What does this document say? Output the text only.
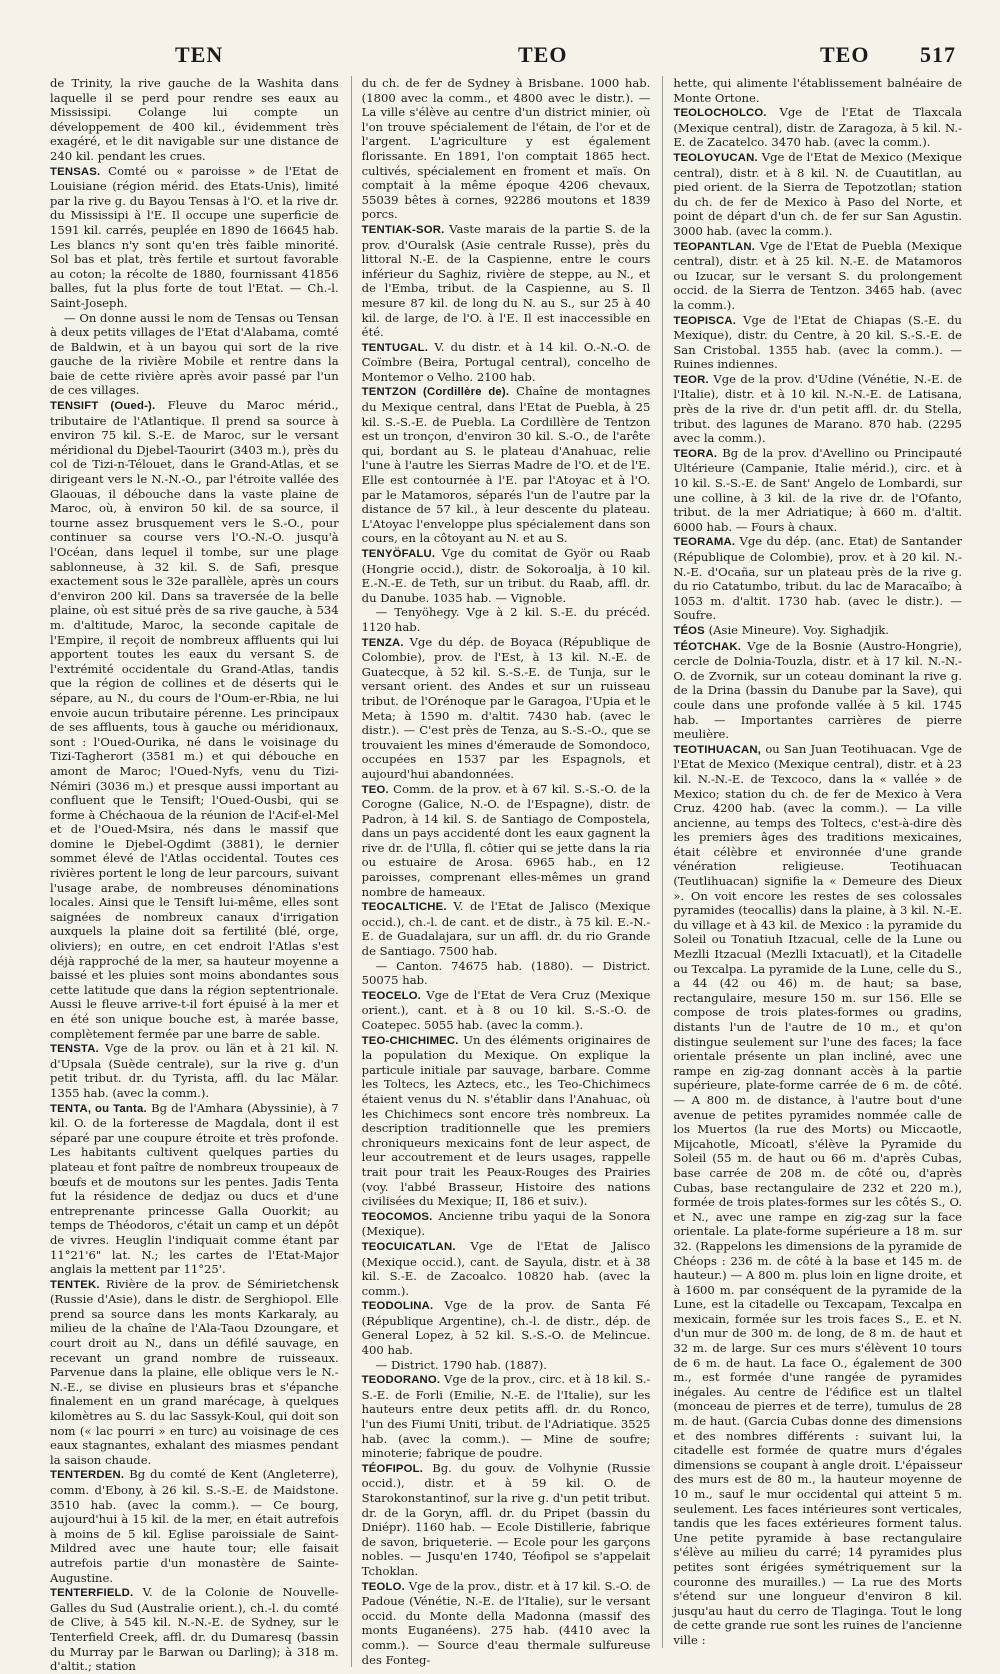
TEN	TEO	TEO 517

de Trinity, la rive gauche de la Washita dans laquelle il se perd pour rendre ses eaux au Mississipi. Colange lui compte un développement de 400 kil., évidemment très exagéré, et le dit navigable sur une distance de 240 kil. pendant les crues.

TENSAS. Comté ou « paroisse » de l'Etat de Louisiane (région mérid. des Etats-Unis), limité par la rive g. du Bayou Tensas à l'O. et la rive dr. du Mississipi à l'E. Il occupe une superficie de 1591 kil. carrés, peuplée en 1890 de 16645 hab. Les blancs n'y sont qu'en très faible minorité. Sol bas et plat, très fertile et surtout favorable au coton; la récolte de 1880, fournissant 41856 balles, fut la plus forte de tout l'Etat. — Ch.-l. Saint-Joseph.

— On donne aussi le nom de Tensas ou Tensan à deux petits villages de l'Etat d'Alabama, comté de Baldwin, et à un bayou qui sort de la rive gauche de la rivière Mobile et rentre dans la baie de cette rivière après avoir passé par l'un de ces villages.

TENSIFT (Oued-). Fleuve du Maroc mérid., tributaire de l'Atlantique. Il prend sa source à environ 75 kil. S.-E. de Maroc, sur le versant méridional du Djebel-Taourirt (3403 m.), près du col de Tizi-n-Télouet, dans le Grand-Atlas, et se dirigeant vers le N.-N.-O., par l'étroite vallée des Glaouas, il débouche dans la vaste plaine de Maroc, où, à environ 50 kil. de sa source, il tourne assez brusquement vers le S.-O., pour continuer sa course vers l'O.-N.-O. jusqu'à l'Océan, dans lequel il tombe, sur une plage sablonneuse, à 32 kil. S. de Safi, presque exactement sous le 32e parallèle, après un cours d'environ 200 kil. Dans sa traversée de la belle plaine, où est situé près de sa rive gauche, à 534 m. d'altitude, Maroc, la seconde capitale de l'Empire, il reçoit de nombreux affluents qui lui apportent toutes les eaux du versant S. de l'extrémité occidentale du Grand-Atlas, tandis que la région de collines et de déserts qui le sépare, au N., du cours de l'Oum-er-Rbia, ne lui envoie aucun tributaire pérenne. Les principaux de ses affluents, tous à gauche ou méridionaux, sont : l'Oued-Ourika, né dans le voisinage du Tizi-Tagherort (3581 m.) et qui débouche en amont de Maroc; l'Oued-Nyfs, venu du Tizi-Némiri (3036 m.) et presque aussi important au confluent que le Tensift; l'Oued-Ousbi, qui se forme à Chéchaoua de la réunion de l'Acif-el-Mel et de l'Oued-Msira, nés dans le massif que domine le Djebel-Ogdimt (3881), le dernier sommet élevé de l'Atlas occidental. Toutes ces rivières portent le long de leur parcours, suivant l'usage arabe, de nombreuses dénominations locales. Ainsi que le Tensift lui-même, elles sont saignées de nombreux canaux d'irrigation auxquels la plaine doit sa fertilité (blé, orge, oliviers); en outre, en cet endroit l'Atlas s'est déjà rapproché de la mer, sa hauteur moyenne a baissé et les pluies sont moins abondantes sous cette latitude que dans la région septentrionale. Aussi le fleuve arrive-t-il fort épuisé à la mer et en été son unique bouche est, à marée basse, complètement fermée par une barre de sable.

TENSTA. Vge de la prov. ou län et à 21 kil. N. d'Upsala (Suède centrale), sur la rive g. d'un petit tribut. dr. du Tyrista, affl. du lac Mälar. 1355 hab. (avec la comm.).

TENTA, ou Tanta. Bg de l'Amhara (Abyssinie), à 7 kil. O. de la forteresse de Magdala, dont il est séparé par une coupure étroite et très profonde. Les habitants cultivent quelques parties du plateau et font paître de nombreux troupeaux de bœufs et de moutons sur les pentes. Jadis Tenta fut la résidence de dedjaz ou ducs et d'une entreprenante princesse Galla Ouorkit; au temps de Théodoros, c'était un camp et un dépôt de vivres. Heuglin l'indiquait comme étant par 11°21'6" lat. N.; les cartes de l'Etat-Major anglais la mettent par 11°25'.

TENTEK. Rivière de la prov. de Sémirietchensk (Russie d'Asie), dans le distr. de Serghiopol. Elle prend sa source dans les monts Karkaraly, au milieu de la chaîne de l'Ala-Taou Dzoungare, et court droit au N., dans un défilé sauvage, en recevant un grand nombre de ruisseaux. Parvenue dans la plaine, elle oblique vers le N.-N.-E., se divise en plusieurs bras et s'épanche finalement en un grand marécage, à quelques kilomètres au S. du lac Sassyk-Koul, qui doit son nom (« lac pourri » en turc) au voisinage de ces eaux stagnantes, exhalant des miasmes pendant la saison chaude.

TENTERDEN. Bg du comté de Kent (Angleterre), comm. d'Ebony, à 26 kil. S.-S.-E. de Maidstone. 3510 hab. (avec la comm.). — Ce bourg, aujourd'hui à 15 kil. de la mer, en était autrefois à moins de 5 kil. Eglise paroissiale de Saint-Mildred avec une haute tour; elle faisait autrefois partie d'un monastère de Sainte-Augustine.

TENTERFIELD. V. de la Colonie de Nouvelle-Galles du Sud (Australie orient.), ch.-l. du comté de Clive, à 545 kil. N.-N.-E. de Sydney, sur le Tenterfield Creek, affl. dr. du Dumaresq (bassin du Murray par le Barwan ou Darling); à 318 m. d'altit.; station

du ch. de fer de Sydney à Brisbane. 1000 hab. (1800 avec la comm., et 4800 avec le distr.). — La ville s'élève au centre d'un district minier, où l'on trouve spécialement de l'étain, de l'or et de l'argent. L'agriculture y est également florissante. En 1891, l'on comptait 1865 hect. cultivés, spécialement en froment et maïs. On comptait à la même époque 4206 chevaux, 55039 bêtes à cornes, 92286 moutons et 1839 porcs.

TENTIAK-SOR. Vaste marais de la partie S. de la prov. d'Ouralsk (Asie centrale Russe), près du littoral N.-E. de la Caspienne, entre le cours inférieur du Saghiz, rivière de steppe, au N., et de l'Emba, tribut. de la Caspienne, au S. Il mesure 87 kil. de long du N. au S., sur 25 à 40 kil. de large, de l'O. à l'E. Il est inaccessible en été.

TENTUGAL. V. du distr. et à 14 kil. O.-N.-O. de Coïmbre (Beira, Portugal central), concelho de Montemor o Velho. 2100 hab.

TENTZON (Cordillère de). Chaîne de montagnes du Mexique central, dans l'Etat de Puebla, à 25 kil. S.-S.-E. de Puebla. La Cordillère de Tentzon est un tronçon, d'environ 30 kil. S.-O., de l'arête qui, bordant au S. le plateau d'Anahuac, relie l'une à l'autre les Sierras Madre de l'O. et de l'E. Elle est contournée à l'E. par l'Atoyac et à l'O. par le Matamoros, séparés l'un de l'autre par la distance de 57 kil., à leur descente du plateau. L'Atoyac l'enveloppe plus spécialement dans son cours, en la côtoyant au N. et au S.

TENYÖFALU. Vge du comitat de Györ ou Raab (Hongrie occid.), distr. de Sokoroalja, à 10 kil. E.-N.-E. de Teth, sur un tribut. du Raab, affl. dr. du Danube. 1035 hab. — Vignoble.

— Tenyöhegy. Vge à 2 kil. S.-E. du précéd. 1120 hab.

TENZA. Vge du dép. de Boyaca (République de Colombie), prov. de l'Est, à 13 kil. N.-E. de Guatecque, à 52 kil. S.-S.-E. de Tunja, sur le versant orient. des Andes et sur un ruisseau tribut. de l'Orénoque par le Garagoa, l'Upia et le Meta; à 1590 m. d'altit. 7430 hab. (avec le distr.). — C'est près de Tenza, au S.-S.-O., que se trouvaient les mines d'émeraude de Somondoco, occupées en 1537 par les Espagnols, et aujourd'hui abandonnées.

TEO. Comm. de la prov. et à 67 kil. S.-S.-O. de la Corogne (Galice, N.-O. de l'Espagne), distr. de Padron, à 14 kil. S. de Santiago de Compostela, dans un pays accidenté dont les eaux gagnent la rive dr. de l'Ulla, fl. côtier qui se jette dans la ria ou estuaire de Arosa. 6965 hab., en 12 paroisses, comprenant elles-mêmes un grand nombre de hameaux.

TEOCALTICHE. V. de l'Etat de Jalisco (Mexique occid.), ch.-l. de cant. et de distr., à 75 kil. E.-N.-E. de Guadalajara, sur un affl. dr. du rio Grande de Santiago. 7500 hab.

— Canton. 74675 hab. (1880). — District. 50075 hab.

TEOCELO. Vge de l'Etat de Vera Cruz (Mexique orient.), cant. et à 8 ou 10 kil. S.-S.-O. de Coatepec. 5055 hab. (avec la comm.).

TEO-CHICHIMEC. Un des éléments originaires de la population du Mexique. On explique la particule initiale par sauvage, barbare. Comme les Toltecs, les Aztecs, etc., les Teo-Chichimecs étaient venus du N. s'établir dans l'Anahuac, où les Chichimecs sont encore très nombreux. La description traditionnelle que les premiers chroniqueurs mexicains font de leur aspect, de leur accoutrement et de leurs usages, rappelle trait pour trait les Peaux-Rouges des Prairies (voy. l'abbé Brasseur, Histoire des nations civilisées du Mexique; II, 186 et suiv.).

TEOCOMOS. Ancienne tribu yaqui de la Sonora (Mexique).

TEOCUICATLAN. Vge de l'Etat de Jalisco (Mexique occid.), cant. de Sayula, distr. et à 38 kil. S.-E. de Zacoalco. 10820 hab. (avec la comm.).

TEODOLINA. Vge de la prov. de Santa Fé (République Argentine), ch.-l. de distr., dép. de General Lopez, à 52 kil. S.-S.-O. de Melincue. 400 hab.

— District. 1790 hab. (1887).

TEODORANO. Vge de la prov., circ. et à 18 kil. S.-S.-E. de Forli (Emilie, N.-E. de l'Italie), sur les hauteurs entre deux petits affl. dr. du Ronco, l'un des Fiumi Uniti, tribut. de l'Adriatique. 3525 hab. (avec la comm.). — Mine de soufre; minoterie; fabrique de poudre.

TÉOFIPOL. Bg. du gouv. de Volhynie (Russie occid.), distr. et à 59 kil. O. de Starokonstantinof, sur la rive g. d'un petit tribut. dr. de la Goryn, affl. dr. du Pripet (bassin du Dniépr). 1160 hab. — Ecole Distillerie, fabrique de savon, briqueterie. — Ecole pour les garçons nobles. — Jusqu'en 1740, Téofipol se s'appelait Tchoklan.

TEOLO. Vge de la prov., distr. et à 17 kil. S.-O. de Padoue (Vénétie, N.-E. de l'Italie), sur le versant occid. du Monte della Madonna (massif des monts Euganéens). 275 hab. (4410 avec la comm.). — Source d'eau thermale sulfureuse des Fonteg-

hette, qui alimente l'établissement balnéaire de Monte Ortone.

TEOLOCHOLCO. Vge de l'Etat de Tlaxcala (Mexique central), distr. de Zaragoza, à 5 kil. N.-E. de Zacatelco. 3470 hab. (avec la comm.).

TEOLOYUCAN. Vge de l'Etat de Mexico (Mexique central), distr. et à 8 kil. N. de Cuautitlan, au pied orient. de la Sierra de Tepotzotlan; station du ch. de fer de Mexico à Paso del Norte, et point de départ d'un ch. de fer sur San Agustin. 3000 hab. (avec la comm.).

TEOPANTLAN. Vge de l'Etat de Puebla (Mexique central), distr. et à 25 kil. N.-E. de Matamoros ou Izucar, sur le versant S. du prolongement occid. de la Sierra de Tentzon. 3465 hab. (avec la comm.).

TEOPISCA. Vge de l'Etat de Chiapas (S.-E. du Mexique), distr. du Centre, à 20 kil. S.-S.-E. de San Cristobal. 1355 hab. (avec la comm.). — Ruines indiennes.

TEOR. Vge de la prov. d'Udine (Vénétie, N.-E. de l'Italie), distr. et à 10 kil. N.-N.-E. de Latisana, près de la rive dr. d'un petit affl. dr. du Stella, tribut. des lagunes de Marano. 870 hab. (2295 avec la comm.).

TEORA. Bg de la prov. d'Avellino ou Principauté Ultérieure (Campanie, Italie mérid.), circ. et à 10 kil. S.-S.-E. de Sant' Angelo de Lombardi, sur une colline, à 3 kil. de la rive dr. de l'Ofanto, tribut. de la mer Adriatique; à 660 m. d'altit. 6000 hab. — Fours à chaux.

TEORAMA. Vge du dép. (anc. Etat) de Santander (République de Colombie), prov. et à 20 kil. N.-N.-E. d'Ocaña, sur un plateau près de la rive g. du rio Catatumbo, tribut. du lac de Maracaïbo; à 1053 m. d'altit. 1730 hab. (avec le distr.). — Soufre.

TÉOS (Asie Mineure). Voy. Sighadjik.

TÉOTCHAK. Vge de la Bosnie (Austro-Hongrie), cercle de Dolnia-Touzla, distr. et à 17 kil. N.-N.-O. de Zvornik, sur un coteau dominant la rive g. de la Drina (bassin du Danube par la Save), qui coule dans une profonde vallée à 5 kil. 1745 hab. — Importantes carrières de pierre meulière.

TEOTIHUACAN, ou San Juan Teotihuacan. Vge de l'Etat de Mexico (Mexique central), distr. et à 23 kil. N.-N.-E. de Texcoco, dans la « vallée » de Mexico; station du ch. de fer de Mexico à Vera Cruz. 4200 hab. (avec la comm.). — La ville ancienne, au temps des Toltecs, c'est-à-dire dès les premiers âges des traditions mexicaines, était célèbre et environnée d'une grande vénération religieuse. Teotihuacan (Teutlihuacan) signifie la « Demeure des Dieux ». On voit encore les restes de ses colossales pyramides (teocallis) dans la plaine, à 3 kil. N.-E. du village et à 43 kil. de Mexico : la pyramide du Soleil ou Tonatiuh Itzacual, celle de la Lune ou Mezlli Itzacual (Mezlli Ixtacuatl), et la Citadelle ou Texcalpa. La pyramide de la Lune, celle du S., a 44 (42 ou 46) m. de haut; sa base, rectangulaire, mesure 150 m. sur 156. Elle se compose de trois plates-formes ou gradins, distants l'un de l'autre de 10 m., et qu'on distingue seulement sur l'une des faces; la face orientale présente un plan incliné, avec une rampe en zig-zag donnant accès à la partie supérieure, plate-forme carrée de 6 m. de côté. — A 800 m. de distance, à l'autre bout d'une avenue de petites pyramides nommée calle de los Muertos (la rue des Morts) ou Miccaotle, Mijcahotle, Micoatl, s'élève la Pyramide du Soleil (55 m. de haut ou 66 m. d'après Cubas, base carrée de 208 m. de côté ou, d'après Cubas, base rectangulaire de 232 et 220 m.), formée de trois plates-formes sur les côtés S., O. et N., avec une rampe en zig-zag sur la face orientale. La plate-forme supérieure a 18 m. sur 32. (Rappelons les dimensions de la pyramide de Chéops : 236 m. de côté à la base et 145 m. de hauteur.) — A 800 m. plus loin en ligne droite, et à 1600 m. par conséquent de la pyramide de la Lune, est la citadelle ou Texcapam, Texcalpa en mexicain, formée sur les trois faces S., E. et N. d'un mur de 300 m. de long, de 8 m. de haut et 32 m. de large. Sur ces murs s'élèvent 10 tours de 6 m. de haut. La face O., également de 300 m., est formée d'une rangée de pyramides inégales. Au centre de l'édifice est un tlaltel (monceau de pierres et de terre), tumulus de 28 m. de haut. (Garcia Cubas donne des dimensions et des nombres différents : suivant lui, la citadelle est formée de quatre murs d'égales dimensions se coupant à angle droit. L'épaisseur des murs est de 80 m., la hauteur moyenne de 10 m., sauf le mur occidental qui atteint 5 m. seulement. Les faces intérieures sont verticales, tandis que les faces extérieures forment talus. Une petite pyramide à base rectangulaire s'élève au milieu du carré; 14 pyramides plus petites sont érigées symétriquement sur la couronne des murailles.) — La rue des Morts s'étend sur une longueur d'environ 8 kil. jusqu'au haut du cerro de Tlaginga. Tout le long de cette grande rue sont les ruines de l'ancienne ville :
